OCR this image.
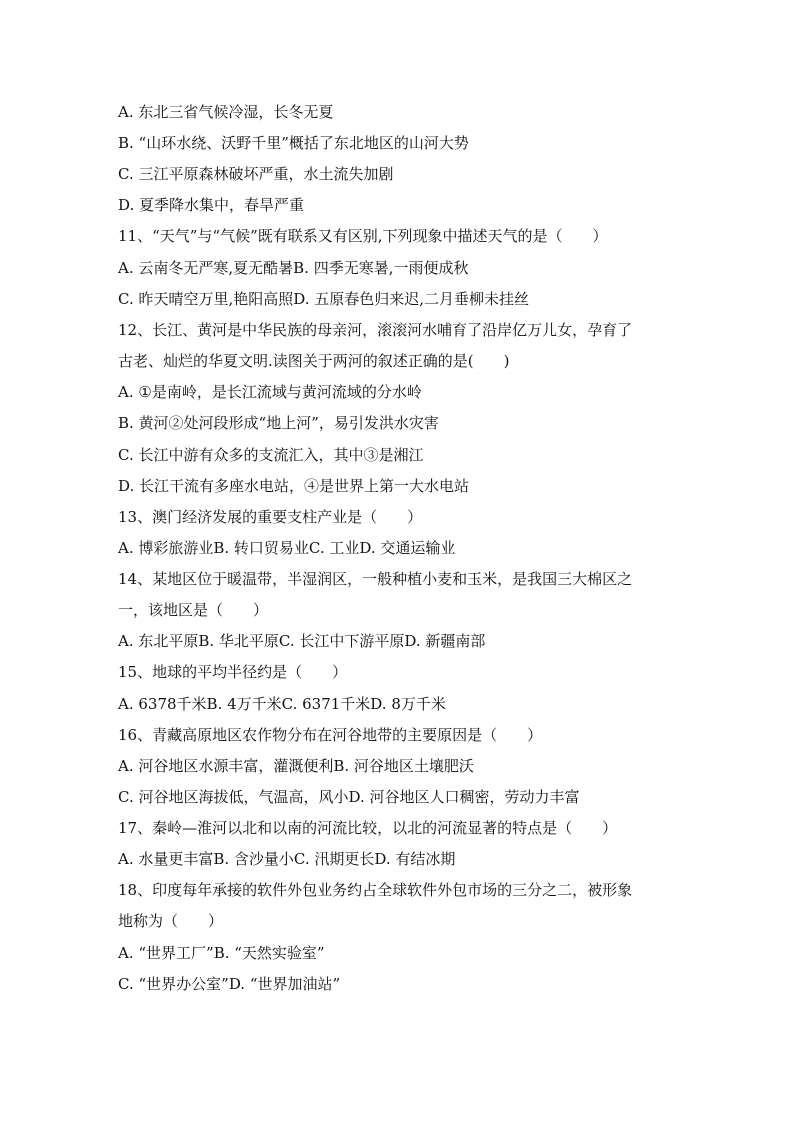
A. 东北三省气候冷湿，长冬无夏
B. “山环水绕、沃野千里”概括了东北地区的山河大势
C. 三江平原森林破坏严重，水土流失加剧
D. 夏季降水集中，春旱严重
11、“天气”与“气候”既有联系又有区别,下列现象中描述天气的是（　　）
A. 云南冬无严寒,夏无酷暑B. 四季无寒暑,一雨便成秋
C. 昨天晴空万里,艳阳高照D. 五原春色归来迟,二月垂柳未挂丝
12、长江、黄河是中华民族的母亲河，滚滚河水哺育了沿岸亿万儿女，孕育了
古老、灿烂的华夏文明.读图关于两河的叙述正确的是(　　)
A. ①是南岭，是长江流域与黄河流域的分水岭
B. 黄河②处河段形成“地上河”，易引发洪水灾害
C. 长江中游有众多的支流汇入，其中③是湘江
D. 长江干流有多座水电站，④是世界上第一大水电站
13、澳门经济发展的重要支柱产业是（　　）
A. 博彩旅游业B. 转口贸易业C. 工业D. 交通运输业
14、某地区位于暖温带，半湿润区，一般种植小麦和玉米，是我国三大棉区之
一，该地区是（　　）
A. 东北平原B. 华北平原C. 长江中下游平原D. 新疆南部
15、地球的平均半径约是（　　）
A. 6378千米B. 4万千米C. 6371千米D. 8万千米
16、青藏高原地区农作物分布在河谷地带的主要原因是（　　）
A. 河谷地区水源丰富，灌溉便利B. 河谷地区土壤肥沃
C. 河谷地区海拔低，气温高，风小D. 河谷地区人口稠密，劳动力丰富
17、秦岭—淮河以北和以南的河流比较，以北的河流显著的特点是（　　）
A. 水量更丰富B. 含沙量小C. 汛期更长D. 有结冰期
18、印度每年承接的软件外包业务约占全球软件外包市场的三分之二，被形象
地称为（　　）
A. “世界工厂”B. “天然实验室”
C. “世界办公室”D. “世界加油站”
